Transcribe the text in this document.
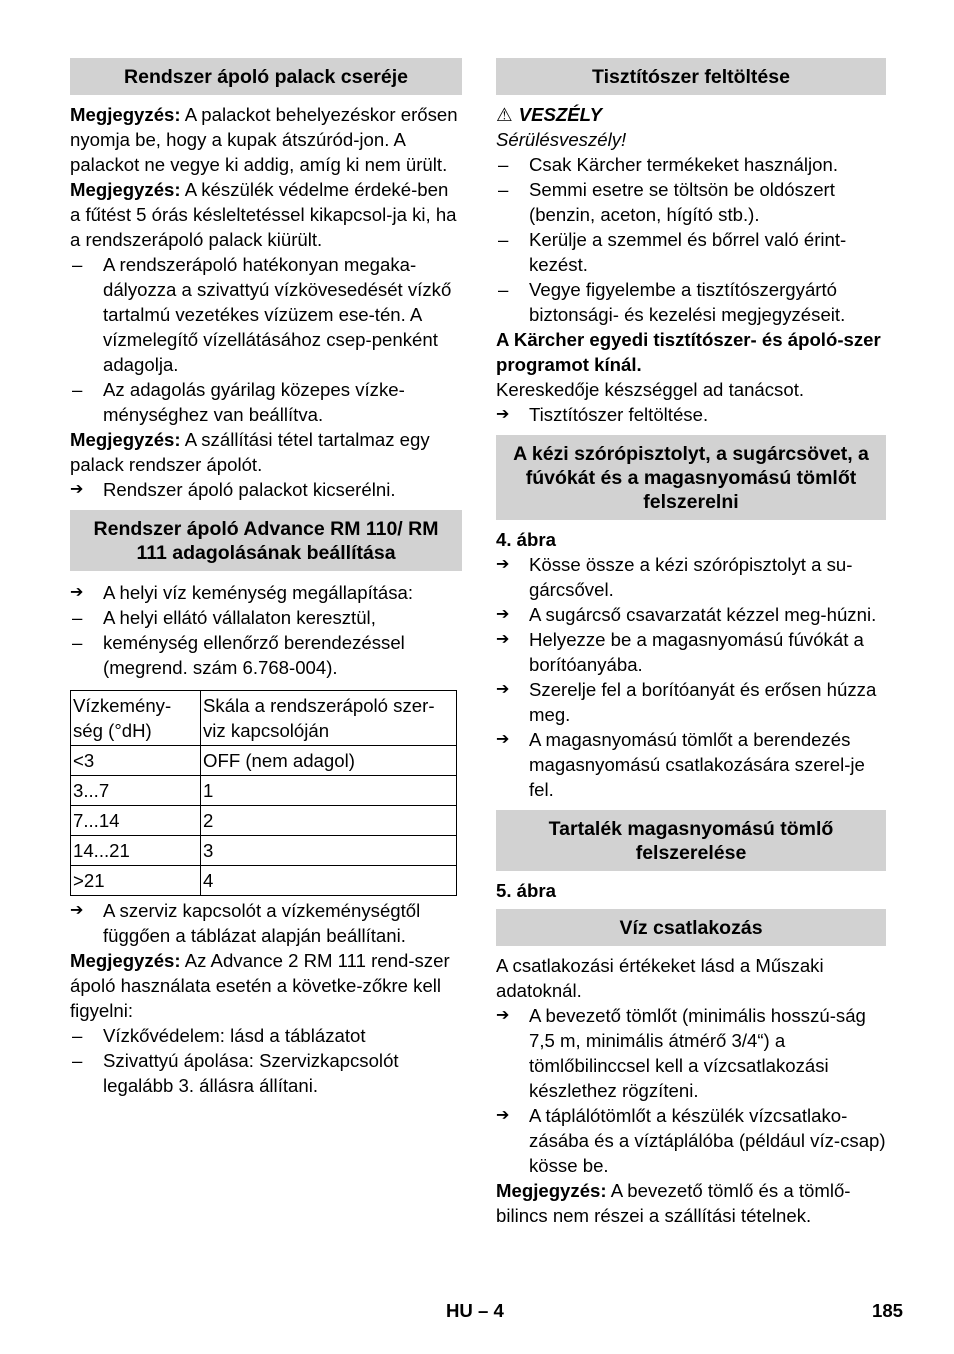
Rendszer ápoló palack cseréje

Megjegyzés: A palackot behelyezéskor erősen nyomja be, hogy a kupak átszúród-jon. A palackot ne vegye ki addig, amíg ki nem ürült.

Megjegyzés: A készülék védelme érdeké-ben a fűtést 5 órás késleltetéssel kikapcsol-ja ki, ha a rendszerápoló palack kiürült.

–	A rendszerápoló hatékonyan megaka-dályozza a szivattyú vízkövesedését vízkő tartalmú vezetékes vízüzem ese-tén. A vízmelegítő vízellátásához csep-penként adagolja.
–	Az adagolás gyárilag közepes vízke-ménységhez van beállítva.

Megjegyzés: A szállítási tétel tartalmaz egy palack rendszer ápolót.

➔	Rendszer ápoló palackot kicserélni.
Rendszer ápoló Advance RM 110/ RM 111 adagolásának beállítása
➔	A helyi víz keménység megállapítása:
–	A helyi ellátó vállalaton keresztül,
–	keménység ellenőrző berendezéssel (megrend. szám 6.768-004).
Vízkemény-ség (°dH)	Skála a rendszerápoló szer-viz kapcsolóján
<3	OFF (nem adagol)
3...7	1
7...14	2
14...21	3
>21	4
➔	A szerviz kapcsolót a vízkeménységtől függően a táblázat alapján beállítani.

Megjegyzés: Az Advance 2 RM 111 rend-szer ápoló használata esetén a követke-zőkre kell figyelni:

–	Vízkővédelem: lásd a táblázatot
–	Szivattyú ápolása: Szervizkapcsolót legalább 3. állásra állítani.
Tisztítószer feltöltése

⚠ VESZÉLY

Sérülésveszély!

–	Csak Kärcher termékeket használjon.
–	Semmi esetre se töltsön be oldószert (benzin, aceton, hígító stb.).
–	Kerülje a szemmel és bőrrel való érint-kezést.
–	Vegye figyelembe a tisztítószergyártó biztonsági- és kezelési megjegyzéseit.

A Kärcher egyedi tisztítószer- és ápoló-szer programot kínál.

Kereskedője készséggel ad tanácsot.

➔	Tisztítószer feltöltése.
A kézi szórópisztolyt, a sugárcsövet, a fúvókát és a magasnyomású tömlőt felszerelni

4. ábra

➔	Kösse össze a kézi szórópisztolyt a su-gárcsővel.
➔	A sugárcső csavarzatát kézzel meg-húzni.
➔	Helyezze be a magasnyomású fúvókát a borítóanyába.
➔	Szerelje fel a borítóanyát és erősen húzza meg.
➔	A magasnyomású tömlőt a berendezés magasnyomású csatlakozására szerel-je fel.
Tartalék magasnyomású tömlő felszerelése

5. ábra

Víz csatlakozás

A csatlakozási értékeket lásd a Műszaki adatoknál.

➔	A bevezető tömlőt (minimális hosszú-ság 7,5 m, minimális átmérő 3/4“) a tömlőbilinccsel kell a vízcsatlakozási készlethez rögzíteni.
➔	A táplálótömlőt a készülék vízcsatlako-zásába és a víztáplálóba (például víz-csap) kösse be.

Megjegyzés: A bevezető tömlő és a tömlő-bilincs nem részei a szállítási tételnek.

HU – 4	185
